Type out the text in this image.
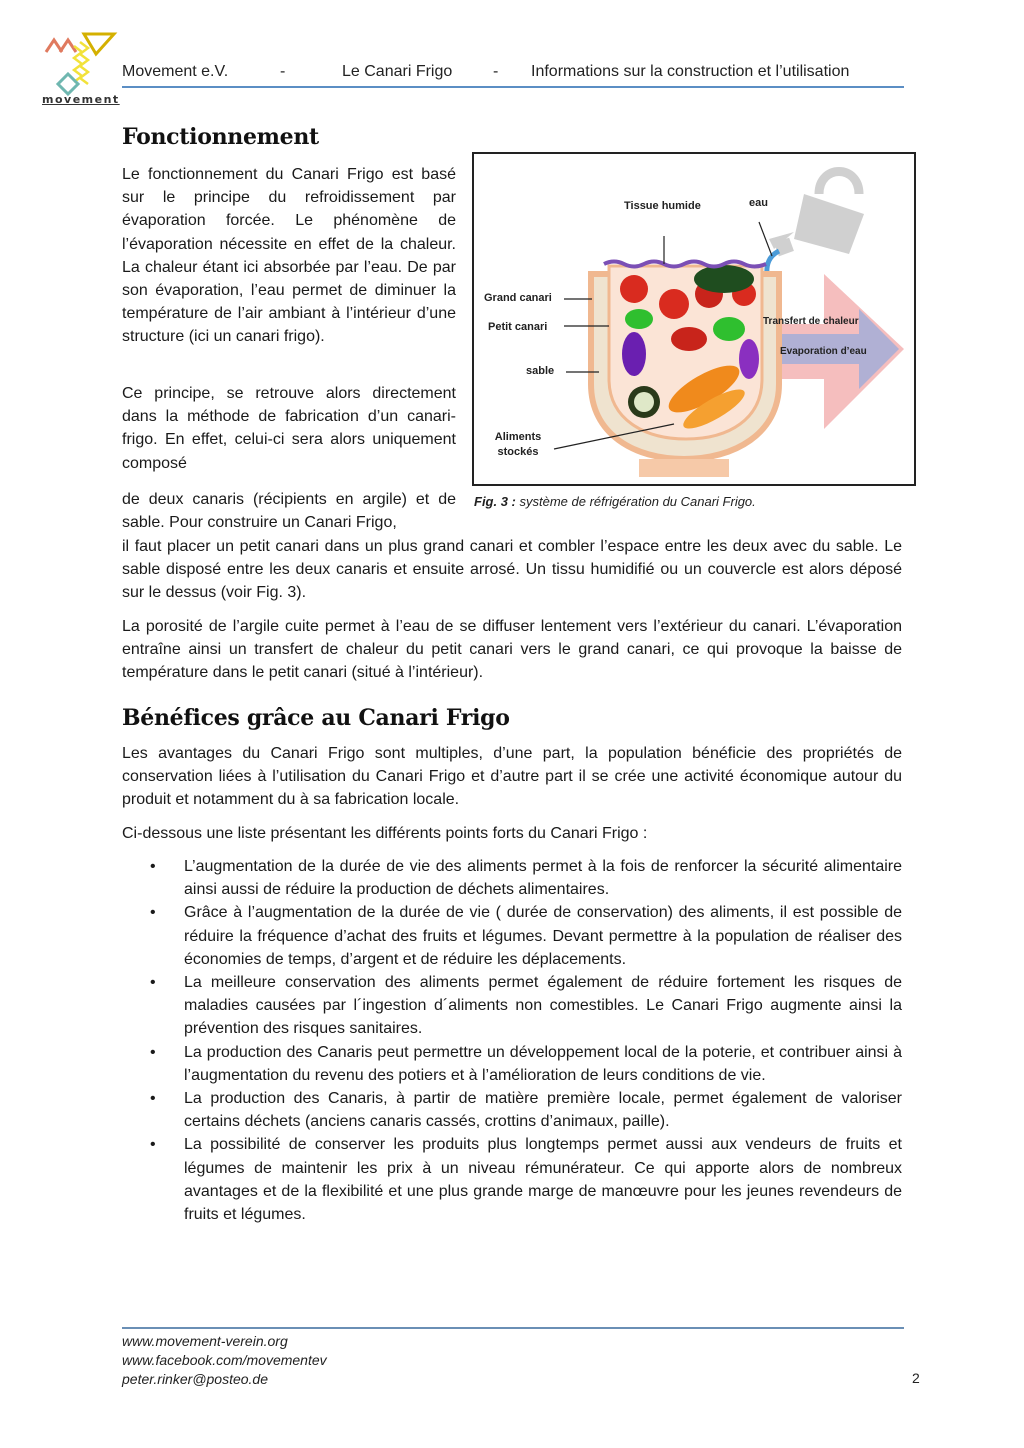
movement
Movement e.V.	-	Le Canari Frigo	- Informations sur la construction et l’utilisation
Fonctionnement

Le fonctionnement du Canari Frigo est basé sur le principe du refroidissement par évaporation forcée. Le phénomène de l’évaporation nécessite en effet de la chaleur. La chaleur étant ici absorbée par l’eau. De par son évaporation, l’eau permet de diminuer la température de l’air ambiant à l’intérieur d’une structure (ici un canari frigo).

Ce principe, se retrouve alors directement dans la méthode de fabrication d’un canari-frigo. En effet, celui-ci sera alors uniquement composé

de deux canaris (récipients en argile) et de sable. Pour construire un Canari Frigo,

il faut placer un petit canari dans un plus grand canari et combler l’espace entre les deux avec du sable. Le sable disposé entre les deux canaris et ensuite arrosé. Un tissu humidifié ou un couvercle est alors déposé sur le dessus (voir Fig. 3).

La porosité de l’argile cuite permet à l’eau de se diffuser lentement vers l’extérieur du canari. L’évaporation entraîne ainsi un transfert de chaleur du petit canari vers le grand canari, ce qui provoque la baisse de température dans le petit canari (situé à l’intérieur).

Tissue humide	eau
Grand canari
Petit canari
sable
Aliments stockés
Transfert de chaleur
Evaporation d’eau
Fig. 3 : système de réfrigération du Canari Frigo.
Bénéfices grâce au Canari Frigo

Les avantages du Canari Frigo sont multiples, d’une part, la population bénéficie des propriétés de conservation liées à l’utilisation du Canari Frigo et d’autre part il se crée une activité économique autour du produit et notamment du à sa fabrication locale.

Ci-dessous une liste présentant les différents points forts du Canari Frigo :

• L’augmentation de la durée de vie des aliments permet à la fois de renforcer la sécurité alimentaire ainsi aussi de réduire la production de déchets alimentaires.
• Grâce à l’augmentation de la durée de vie ( durée de conservation) des aliments, il est possible de réduire la fréquence d’achat des fruits et légumes. Devant permettre à la population de réaliser des économies de temps, d’argent et de réduire les déplacements.
• La meilleure conservation des aliments permet également de réduire fortement les risques de maladies causées par l´ingestion d´aliments non comestibles. Le Canari Frigo augmente ainsi la prévention des risques sanitaires.
• La production des Canaris peut permettre un développement local de la poterie, et contribuer ainsi à l’augmentation du revenu des potiers et à l’amélioration de leurs conditions de vie.
• La production des Canaris, à partir de matière première locale, permet également de valoriser certains déchets (anciens canaris cassés, crottins d’animaux, paille).
• La possibilité de conserver les produits plus longtemps permet aussi aux vendeurs de fruits et légumes de maintenir les prix à un niveau rémunérateur. Ce qui apporte alors de nombreux avantages et de la flexibilité et une plus grande marge de manœuvre pour les jeunes revendeurs de fruits et légumes.
www.movement-verein.org
www.facebook.com/movementev
peter.rinker@posteo.de	2
